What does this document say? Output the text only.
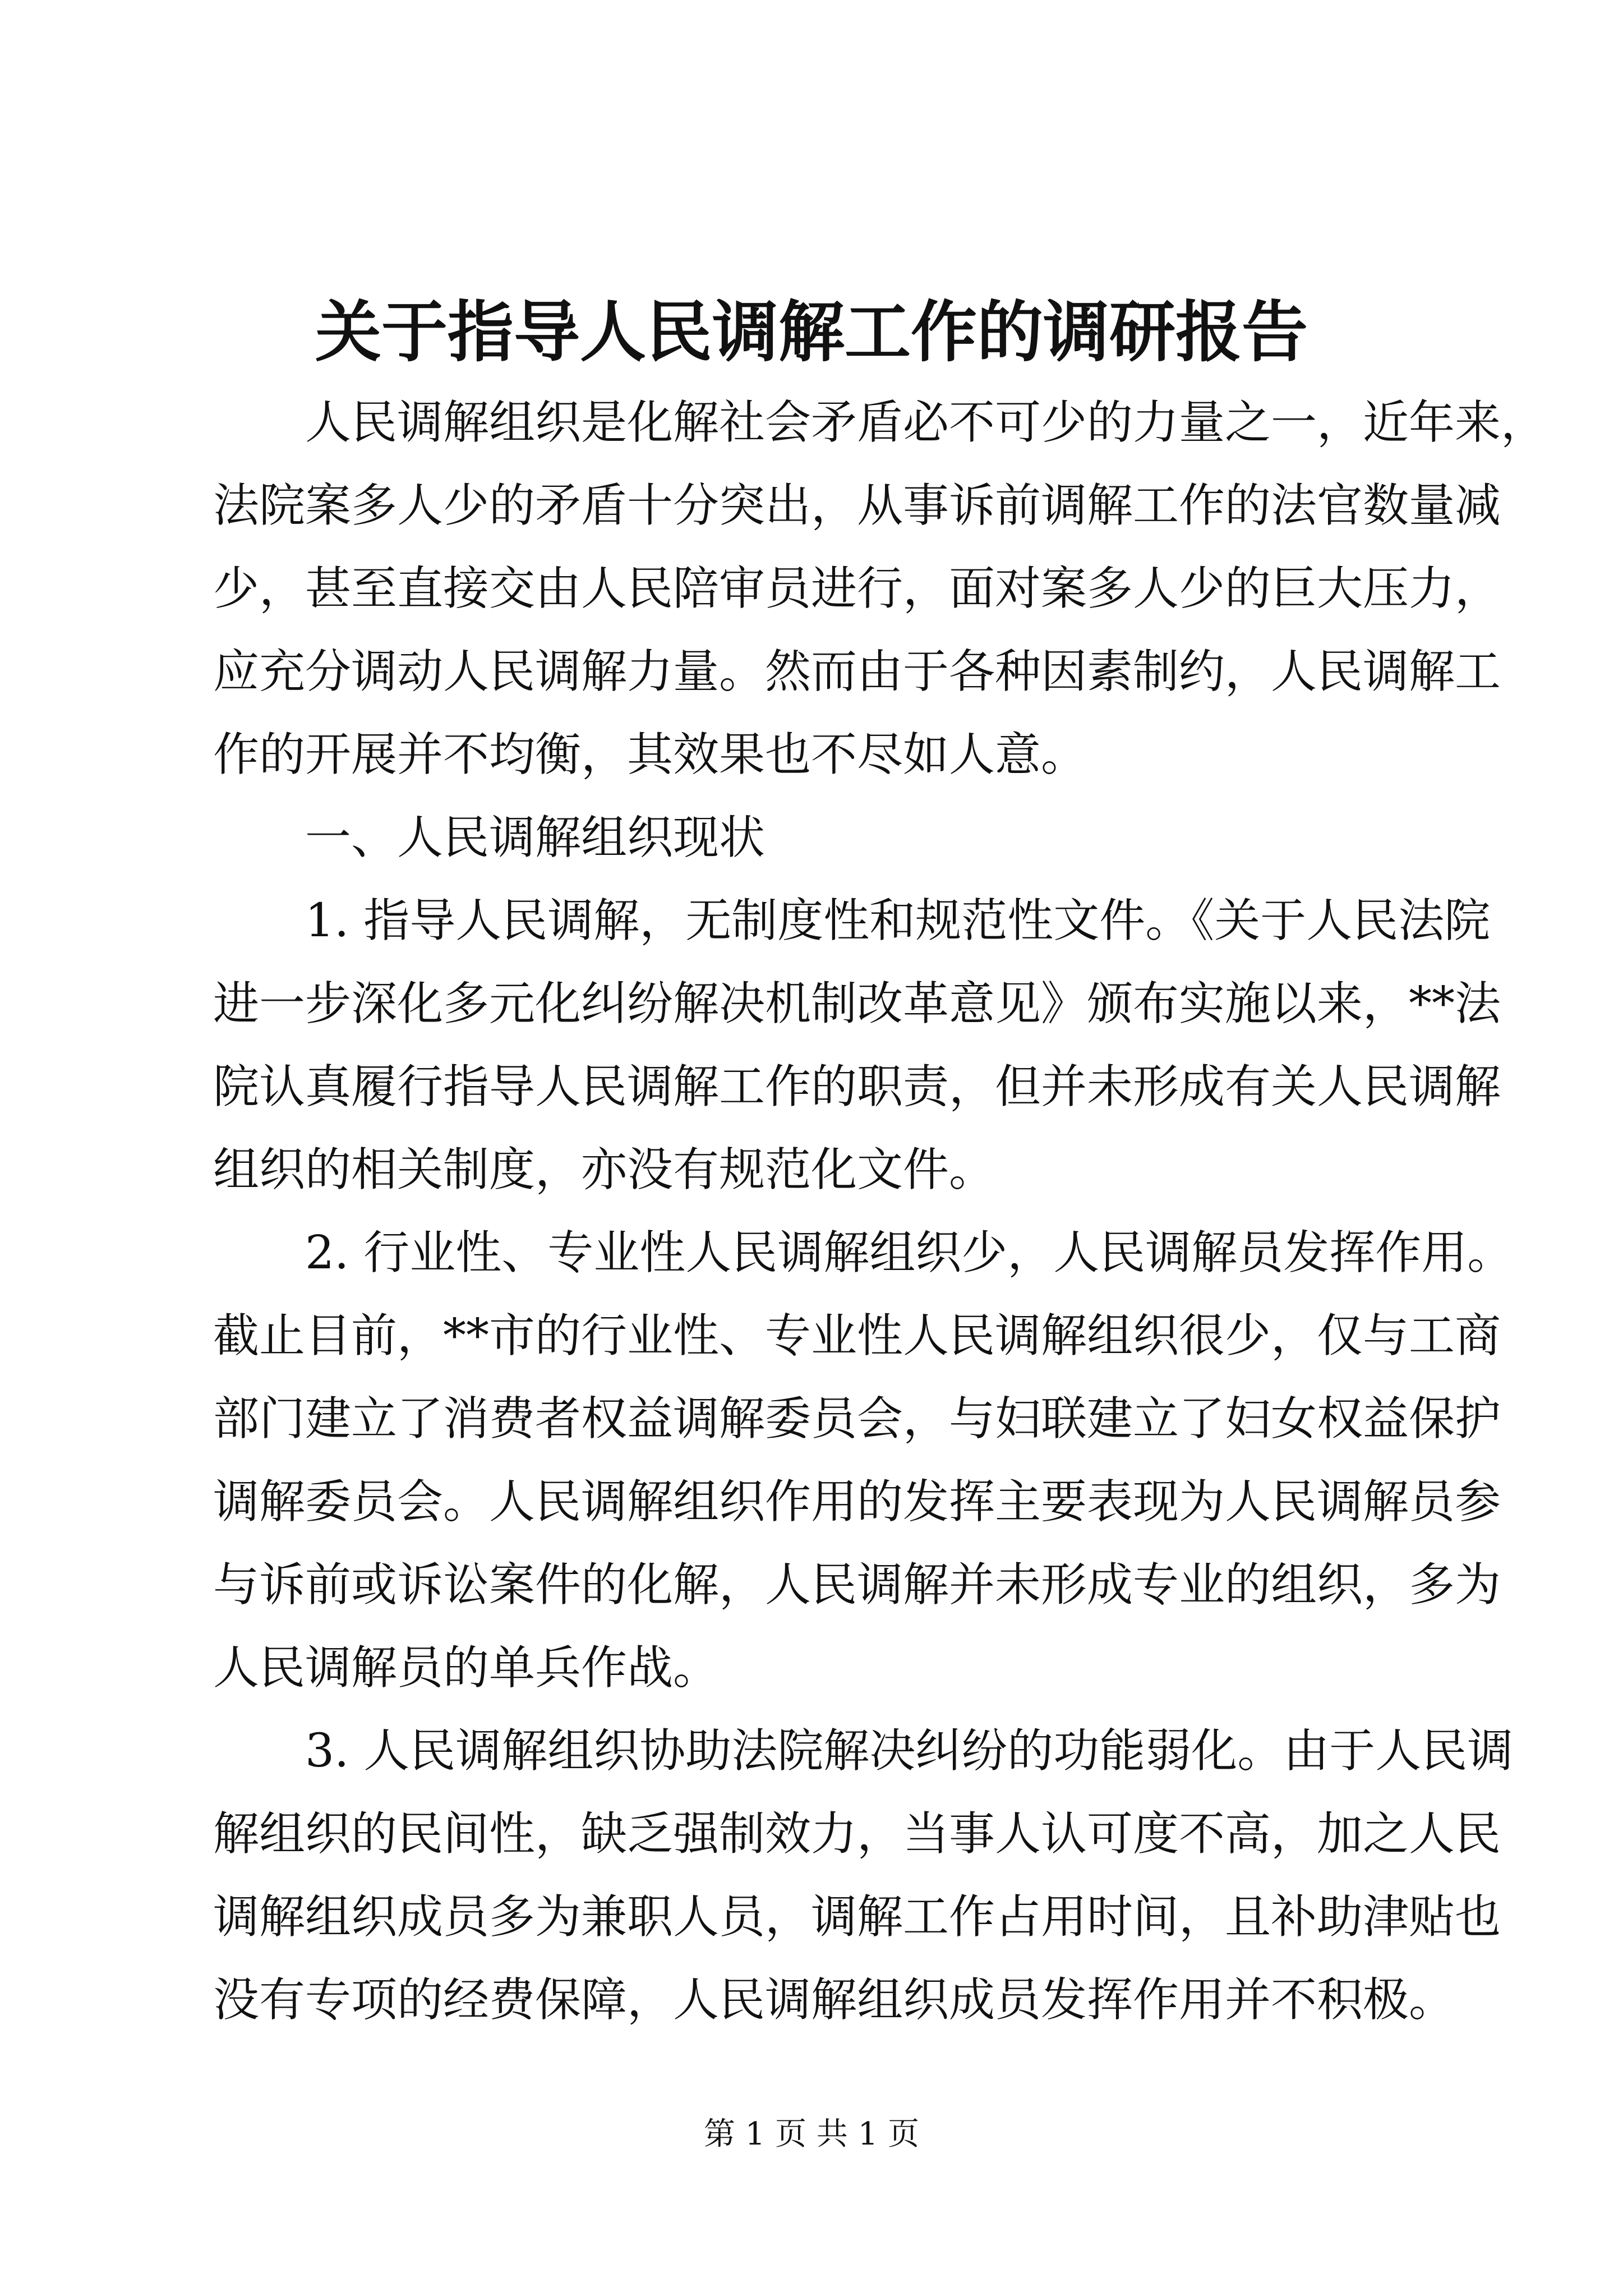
关于指导人民调解工作的调研报告

人民调解组织是化解社会矛盾必不可少的力量之一，近年来，
法院案多人少的矛盾十分突出，从事诉前调解工作的法官数量减
少，甚至直接交由人民陪审员进行，面对案多人少的巨大压力，
应充分调动人民调解力量。然而由于各种因素制约，人民调解工
作的开展并不均衡，其效果也不尽如人意。

一、人民调解组织现状

1. 指导人民调解，无制度性和规范性文件。《关于人民法院
进一步深化多元化纠纷解决机制改革意见》颁布实施以来，**法
院认真履行指导人民调解工作的职责，但并未形成有关人民调解
组织的相关制度，亦没有规范化文件。

2. 行业性、专业性人民调解组织少，人民调解员发挥作用。
截止目前，**市的行业性、专业性人民调解组织很少，仅与工商
部门建立了消费者权益调解委员会，与妇联建立了妇女权益保护
调解委员会。人民调解组织作用的发挥主要表现为人民调解员参
与诉前或诉讼案件的化解，人民调解并未形成专业的组织，多为
人民调解员的单兵作战。

3. 人民调解组织协助法院解决纠纷的功能弱化。由于人民调
解组织的民间性，缺乏强制效力，当事人认可度不高，加之人民
调解组织成员多为兼职人员，调解工作占用时间，且补助津贴也
没有专项的经费保障，人民调解组织成员发挥作用并不积极。

第 1 页 共 1 页
